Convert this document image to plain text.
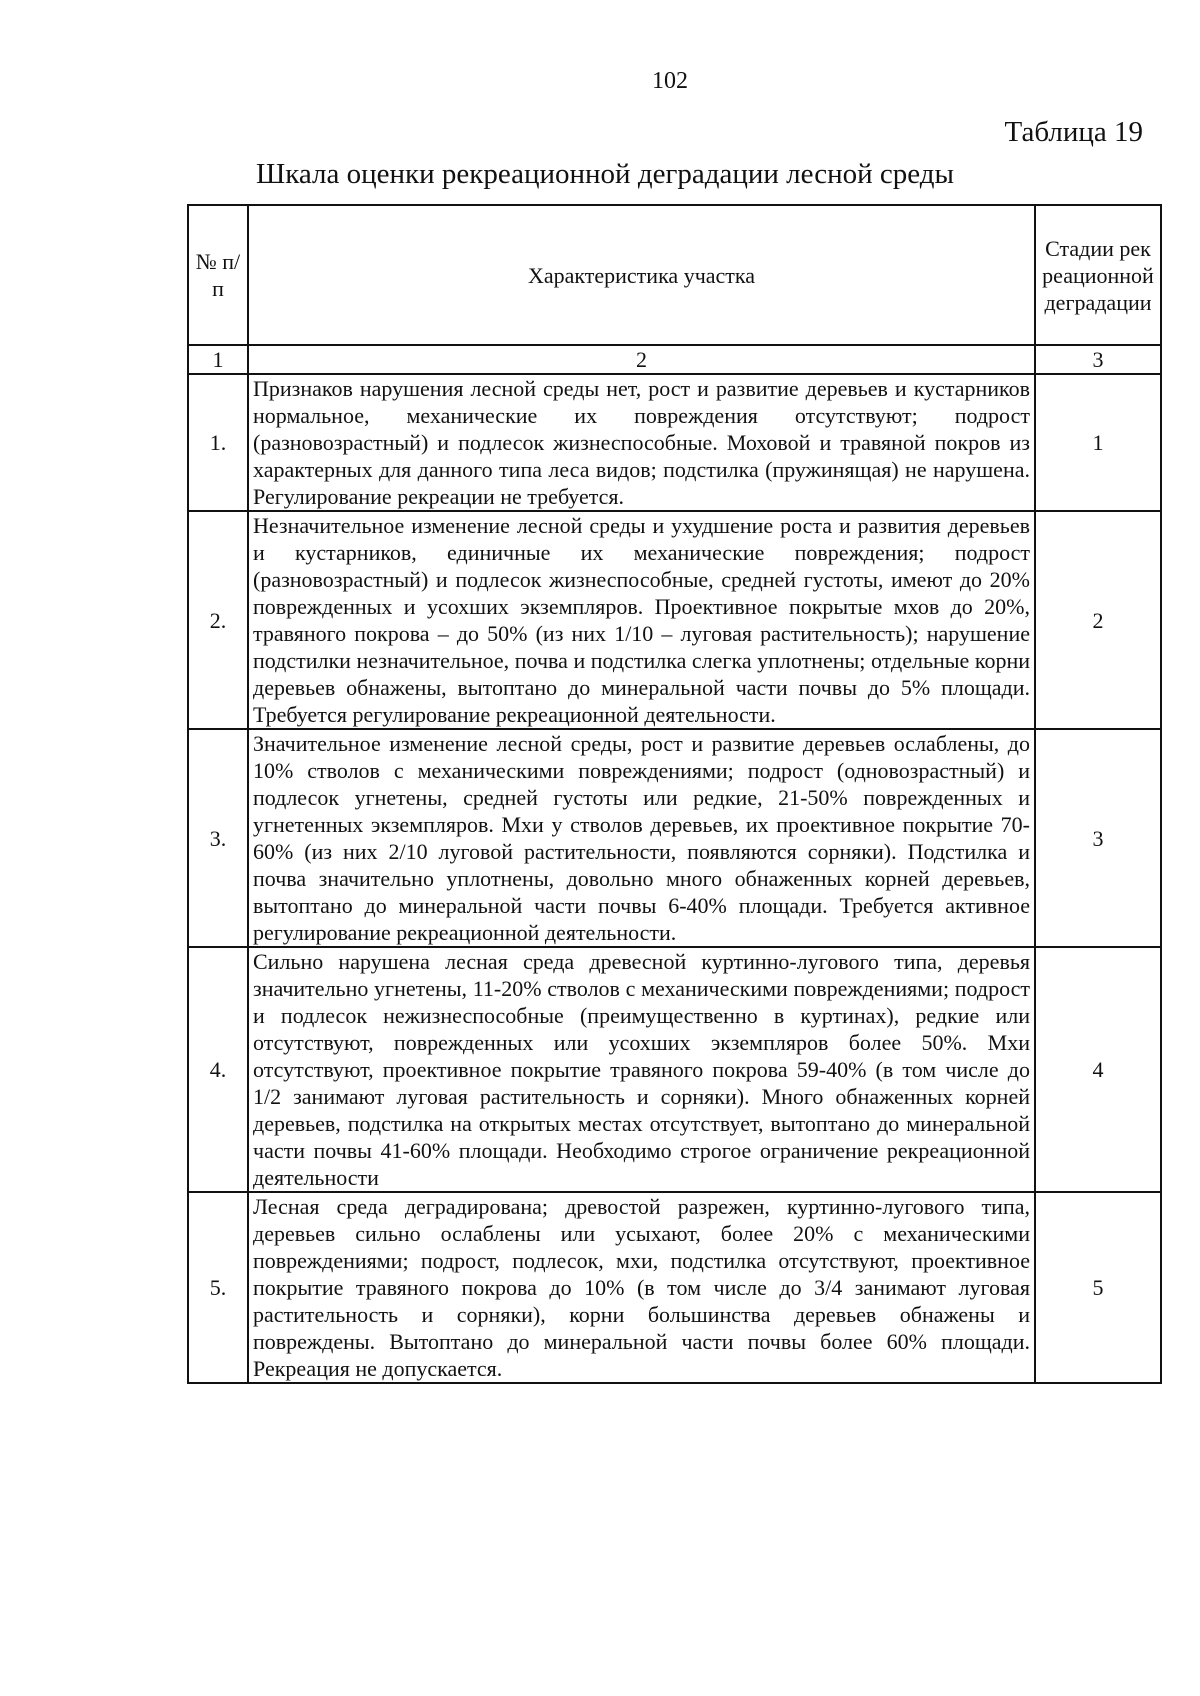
102
Таблица 19
Шкала оценки рекреационной деградации лесной среды
№ п/п	Характеристика участка	Стадии рекреационной деградации
1	2	3
1.	Признаков нарушения лесной среды нет, рост и развитие деревьев и кустарников нормальное, механические их повреждения отсутствуют; подрост (разновозрастный) и подлесок жизнеспособные. Моховой и травяной покров из характерных для данного типа леса видов; подстилка (пружинящая) не нарушена. Регулирование рекреации не требуется.	1
2.	Незначительное изменение лесной среды и ухудшение роста и развития деревьев и кустарников, единичные их механические повреждения; подрост (разновозрастный) и подлесок жизнеспособные, средней густоты, имеют до 20% поврежденных и усохших экземпляров. Проективное покрытые мхов до 20%, травяного покрова – до 50% (из них 1/10 – луговая растительность); нарушение подстилки незначительное, почва и подстилка слегка уплотнены; отдельные корни деревьев обнажены, вытоптано до минеральной части почвы до 5% площади. Требуется регулирование рекреационной деятельности.	2
3.	Значительное изменение лесной среды, рост и развитие деревьев ослаблены, до 10% стволов с механическими повреждениями; подрост (одновозрастный) и подлесок угнетены, средней густоты или редкие, 21-50% поврежденных и угнетенных экземпляров. Мхи у стволов деревьев, их проективное покрытие 70-60% (из них 2/10 луговой растительности, появляются сорняки). Подстилка и почва значительно уплотнены, довольно много обнаженных корней деревьев, вытоптано до минеральной части почвы 6-40% площади. Требуется активное регулирование рекреационной деятельности.	3
4.	Сильно нарушена лесная среда древесной куртинно-лугового типа, деревья значительно угнетены, 11-20% стволов с механическими повреждениями; подрост и подлесок нежизнеспособные (преимущественно в куртинах), редкие или отсутствуют, поврежденных или усохших экземпляров более 50%. Мхи отсутствуют, проективное покрытие травяного покрова 59-40% (в том числе до 1/2 занимают луговая растительность и сорняки). Много обнаженных корней деревьев, подстилка на открытых местах отсутствует, вытоптано до минеральной части почвы 41-60% площади. Необходимо строгое ограничение рекреационной деятельности	4
5.	Лесная среда деградирована; древостой разрежен, куртинно-лугового типа, деревьев сильно ослаблены или усыхают, более 20% с механическими повреждениями; подрост, подлесок, мхи, подстилка отсутствуют, проективное покрытие травяного покрова до 10% (в том числе до 3/4 занимают луговая растительность и сорняки), корни большинства деревьев обнажены и повреждены. Вытоптано до минеральной части почвы более 60% площади. Рекреация не допускается.	5
